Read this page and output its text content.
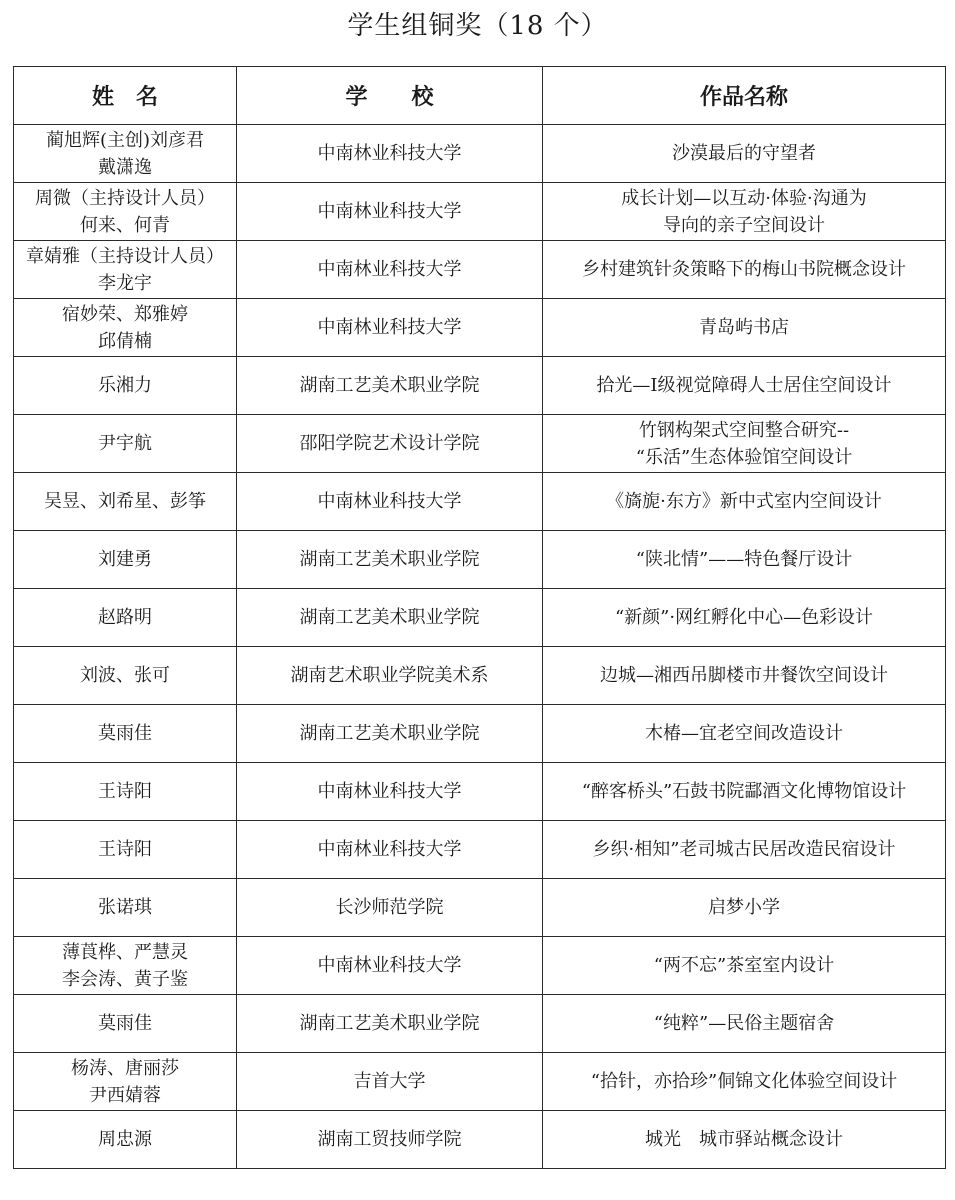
学生组铜奖（18 个）
姓　名	学　　校	作品名称
蔺旭辉(主创)刘彦君
戴潇逸	中南林业科技大学	沙漠最后的守望者
周微（主持设计人员）
何来、何青	中南林业科技大学	成长计划—以互动·体验·沟通为
导向的亲子空间设计
章婧雅（主持设计人员）
李龙宇	中南林业科技大学	乡村建筑针灸策略下的梅山书院概念设计
宿妙荣、郑雅婷
邱倩楠	中南林业科技大学	青岛屿书店
乐湘力	湖南工艺美术职业学院	拾光—Ⅰ级视觉障碍人士居住空间设计
尹宇航	邵阳学院艺术设计学院	竹钢构架式空间整合研究--
“乐活”生态体验馆空间设计
吴昱、刘希星、彭筝	中南林业科技大学	《旖旎·东方》新中式室内空间设计
刘建勇	湖南工艺美术职业学院	“陕北情”——特色餐厅设计
赵路明	湖南工艺美术职业学院	“新颜”·网红孵化中心—色彩设计
刘波、张可	湖南艺术职业学院美术系	边城—湘西吊脚楼市井餐饮空间设计
莫雨佳	湖南工艺美术职业学院	木椿—宜老空间改造设计
王诗阳	中南林业科技大学	“醉客桥头”石鼓书院酃酒文化博物馆设计
王诗阳	中南林业科技大学	乡织·相知”老司城古民居改造民宿设计
张诺琪	长沙师范学院	启梦小学
薄莨桦、严慧灵
李会涛、黄子鉴	中南林业科技大学	“两不忘”茶室室内设计
莫雨佳	湖南工艺美术职业学院	“纯粹”—民俗主题宿舍
杨涛、唐丽莎
尹西婧蓉	吉首大学	“拾针，亦拾珍”侗锦文化体验空间设计
周忠源	湖南工贸技师学院	城光　城市驿站概念设计
